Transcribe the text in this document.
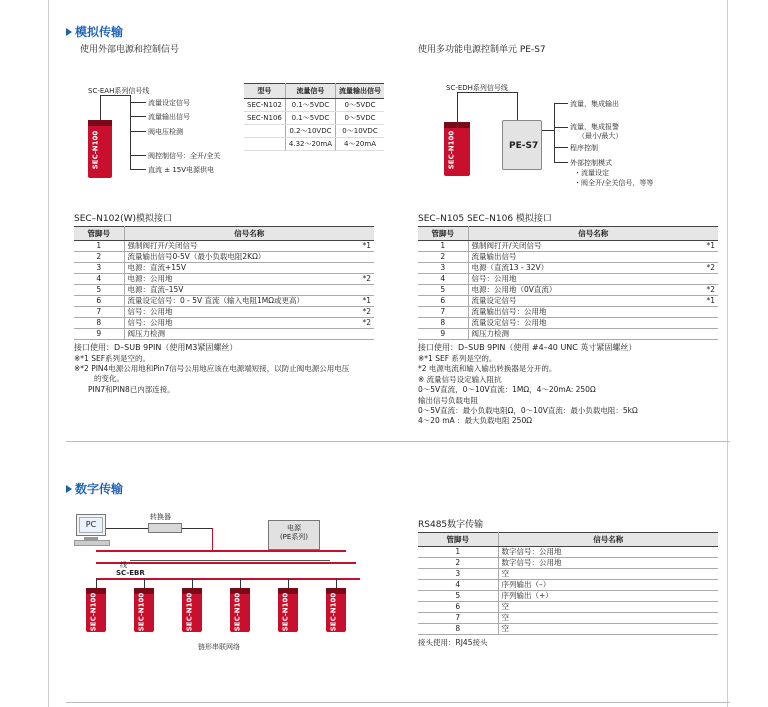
模拟传输
使用外部电源和控制信号	使用多功能电源控制单元 PE-S7
SC-EAH系列信号线
SEC-N100
流量设定信号
流量输出信号
阀电压检测
阀控制信号：全开/全关
直流 ± 15V电源供电
型号	流量信号	流量输出信号
SEC-N102	0.1～5VDC	0～5VDC
SEC-N106	0.1～5VDC	0～5VDC
	0.2～10VDC	0～10VDC
	4.32～20mA	4～20mA
SC-EDH系列信号线
SEC-N100	PE-S7
流量，集成输出
流量，集成报警
（最小/最大）
程序控制
外部控制模式
・流量设定
・阀全开/全关信号，等等
SEC–N102(W)模拟接口
管脚号	信号名称	
1	强制阀打开/关闭信号	*1
2	流量输出信号0-5V（最小负载电阻2KΩ）	
3	电源：直流+15V	
4	电源：公用地	*2
5	电源：直流–15V	
6	流量设定信号：0 - 5V 直流（输入电阻1MΩ或更高）	*1
7	信号：公用地	*2
8	信号：公用地	*2
9	阀压力检测	
接口使用：D–SUB 9PIN（使用M3紧固螺丝）
※*1 SEF系列是空的。
※*2 PIN4电源公用地和Pin7信号公用地应该在电源端短接，以防止阀电源公用电压
的变化。
PIN7和PIN8已内部连接。
SEC–N105 SEC–N106 模拟接口
管脚号	信号名称	
1	强制阀打开/关闭信号	*1
2	流量输出信号	
3	电源（直流13 - 32V）	*2
4	信号：公用地	
5	电源：公用地（0V直流）	*2
6	流量设定信号	*1
7	流量输出信号：公用地	
8	流量设定信号：公用地	
9	阀压力检测	
接口使用：D–SUB 9PIN（使用 #4–40 UNC 英寸紧固螺丝）
※*1 SEF 系列是空的。
*2 电源电流和输入输出转换器是分开的。
※ 流量信号设定输入阻抗
0～5V直流，0～10V直流：1MΩ，4～20mA: 250Ω
输出信号负载电阻
0～5V直流：最小负载电阻Ω，0～10V直流：最小负载电阻：5kΩ
4～20 mA ：最大负载电阻 250Ω
数字传输
PC
转换器
电源
(PE系列)
线
SC-EBR
SEC-N100	SEC-N100	SEC-N100	SEC-N100	SEC-N100	SEC-N100
链形串联网络
RS485数字传输
管脚号	信号名称
1	数字信号：公用地
2	数字信号：公用地
3	空
4	序列输出（–）
5	序列输出（+）
6	空
7	空
8	空
接头使用：RJ45接头
